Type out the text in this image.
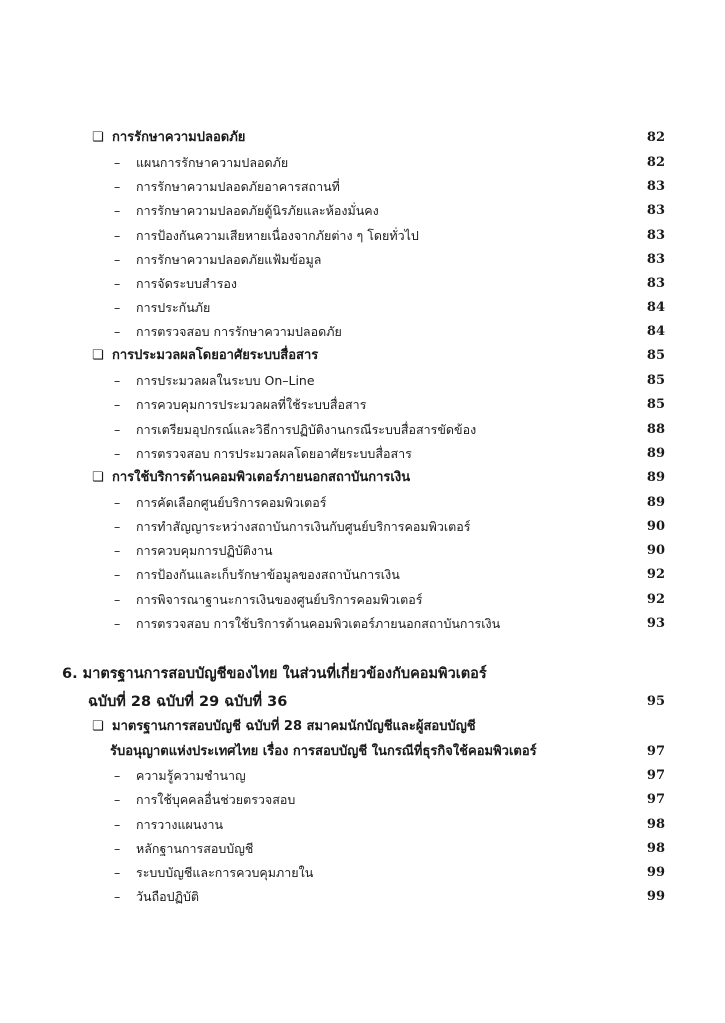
❏ การรักษาความปลอดภัย	82
– แผนการรักษาความปลอดภัย	82
– การรักษาความปลอดภัยอาคารสถานที่	83
– การรักษาความปลอดภัยตู้นิรภัยและห้องมั่นคง	83
– การป้องกันความเสียหายเนื่องจากภัยต่าง ๆ โดยทั่วไป	83
– การรักษาความปลอดภัยแฟ้มข้อมูล	83
– การจัดระบบสำรอง	83
– การประกันภัย	84
– การตรวจสอบ การรักษาความปลอดภัย	84
❏ การประมวลผลโดยอาศัยระบบสื่อสาร	85
– การประมวลผลในระบบ On–Line	85
– การควบคุมการประมวลผลที่ใช้ระบบสื่อสาร	85
– การเตรียมอุปกรณ์และวิธีการปฏิบัติงานกรณีระบบสื่อสารขัดข้อง	88
– การตรวจสอบ การประมวลผลโดยอาศัยระบบสื่อสาร	89
❏ การใช้บริการด้านคอมพิวเตอร์ภายนอกสถาบันการเงิน	89
– การคัดเลือกศูนย์บริการคอมพิวเตอร์	89
– การทำสัญญาระหว่างสถาบันการเงินกับศูนย์บริการคอมพิวเตอร์	90
– การควบคุมการปฏิบัติงาน	90
– การป้องกันและเก็บรักษาข้อมูลของสถาบันการเงิน	92
– การพิจารณาฐานะการเงินของศูนย์บริการคอมพิวเตอร์	92
– การตรวจสอบ การใช้บริการด้านคอมพิวเตอร์ภายนอกสถาบันการเงิน	93
6. มาตรฐานการสอบบัญชีของไทย ในส่วนที่เกี่ยวข้องกับคอมพิวเตอร์
ฉบับที่ 28 ฉบับที่ 29 ฉบับที่ 36	95
❏ มาตรฐานการสอบบัญชี ฉบับที่ 28 สมาคมนักบัญชีและผู้สอบบัญชี
รับอนุญาตแห่งประเทศไทย เรื่อง การสอบบัญชี ในกรณีที่ธุรกิจใช้คอมพิวเตอร์	97
– ความรู้ความชำนาญ	97
– การใช้บุคคลอื่นช่วยตรวจสอบ	97
– การวางแผนงาน	98
– หลักฐานการสอบบัญชี	98
– ระบบบัญชีและการควบคุมภายใน	99
– วันถือปฏิบัติ	99
